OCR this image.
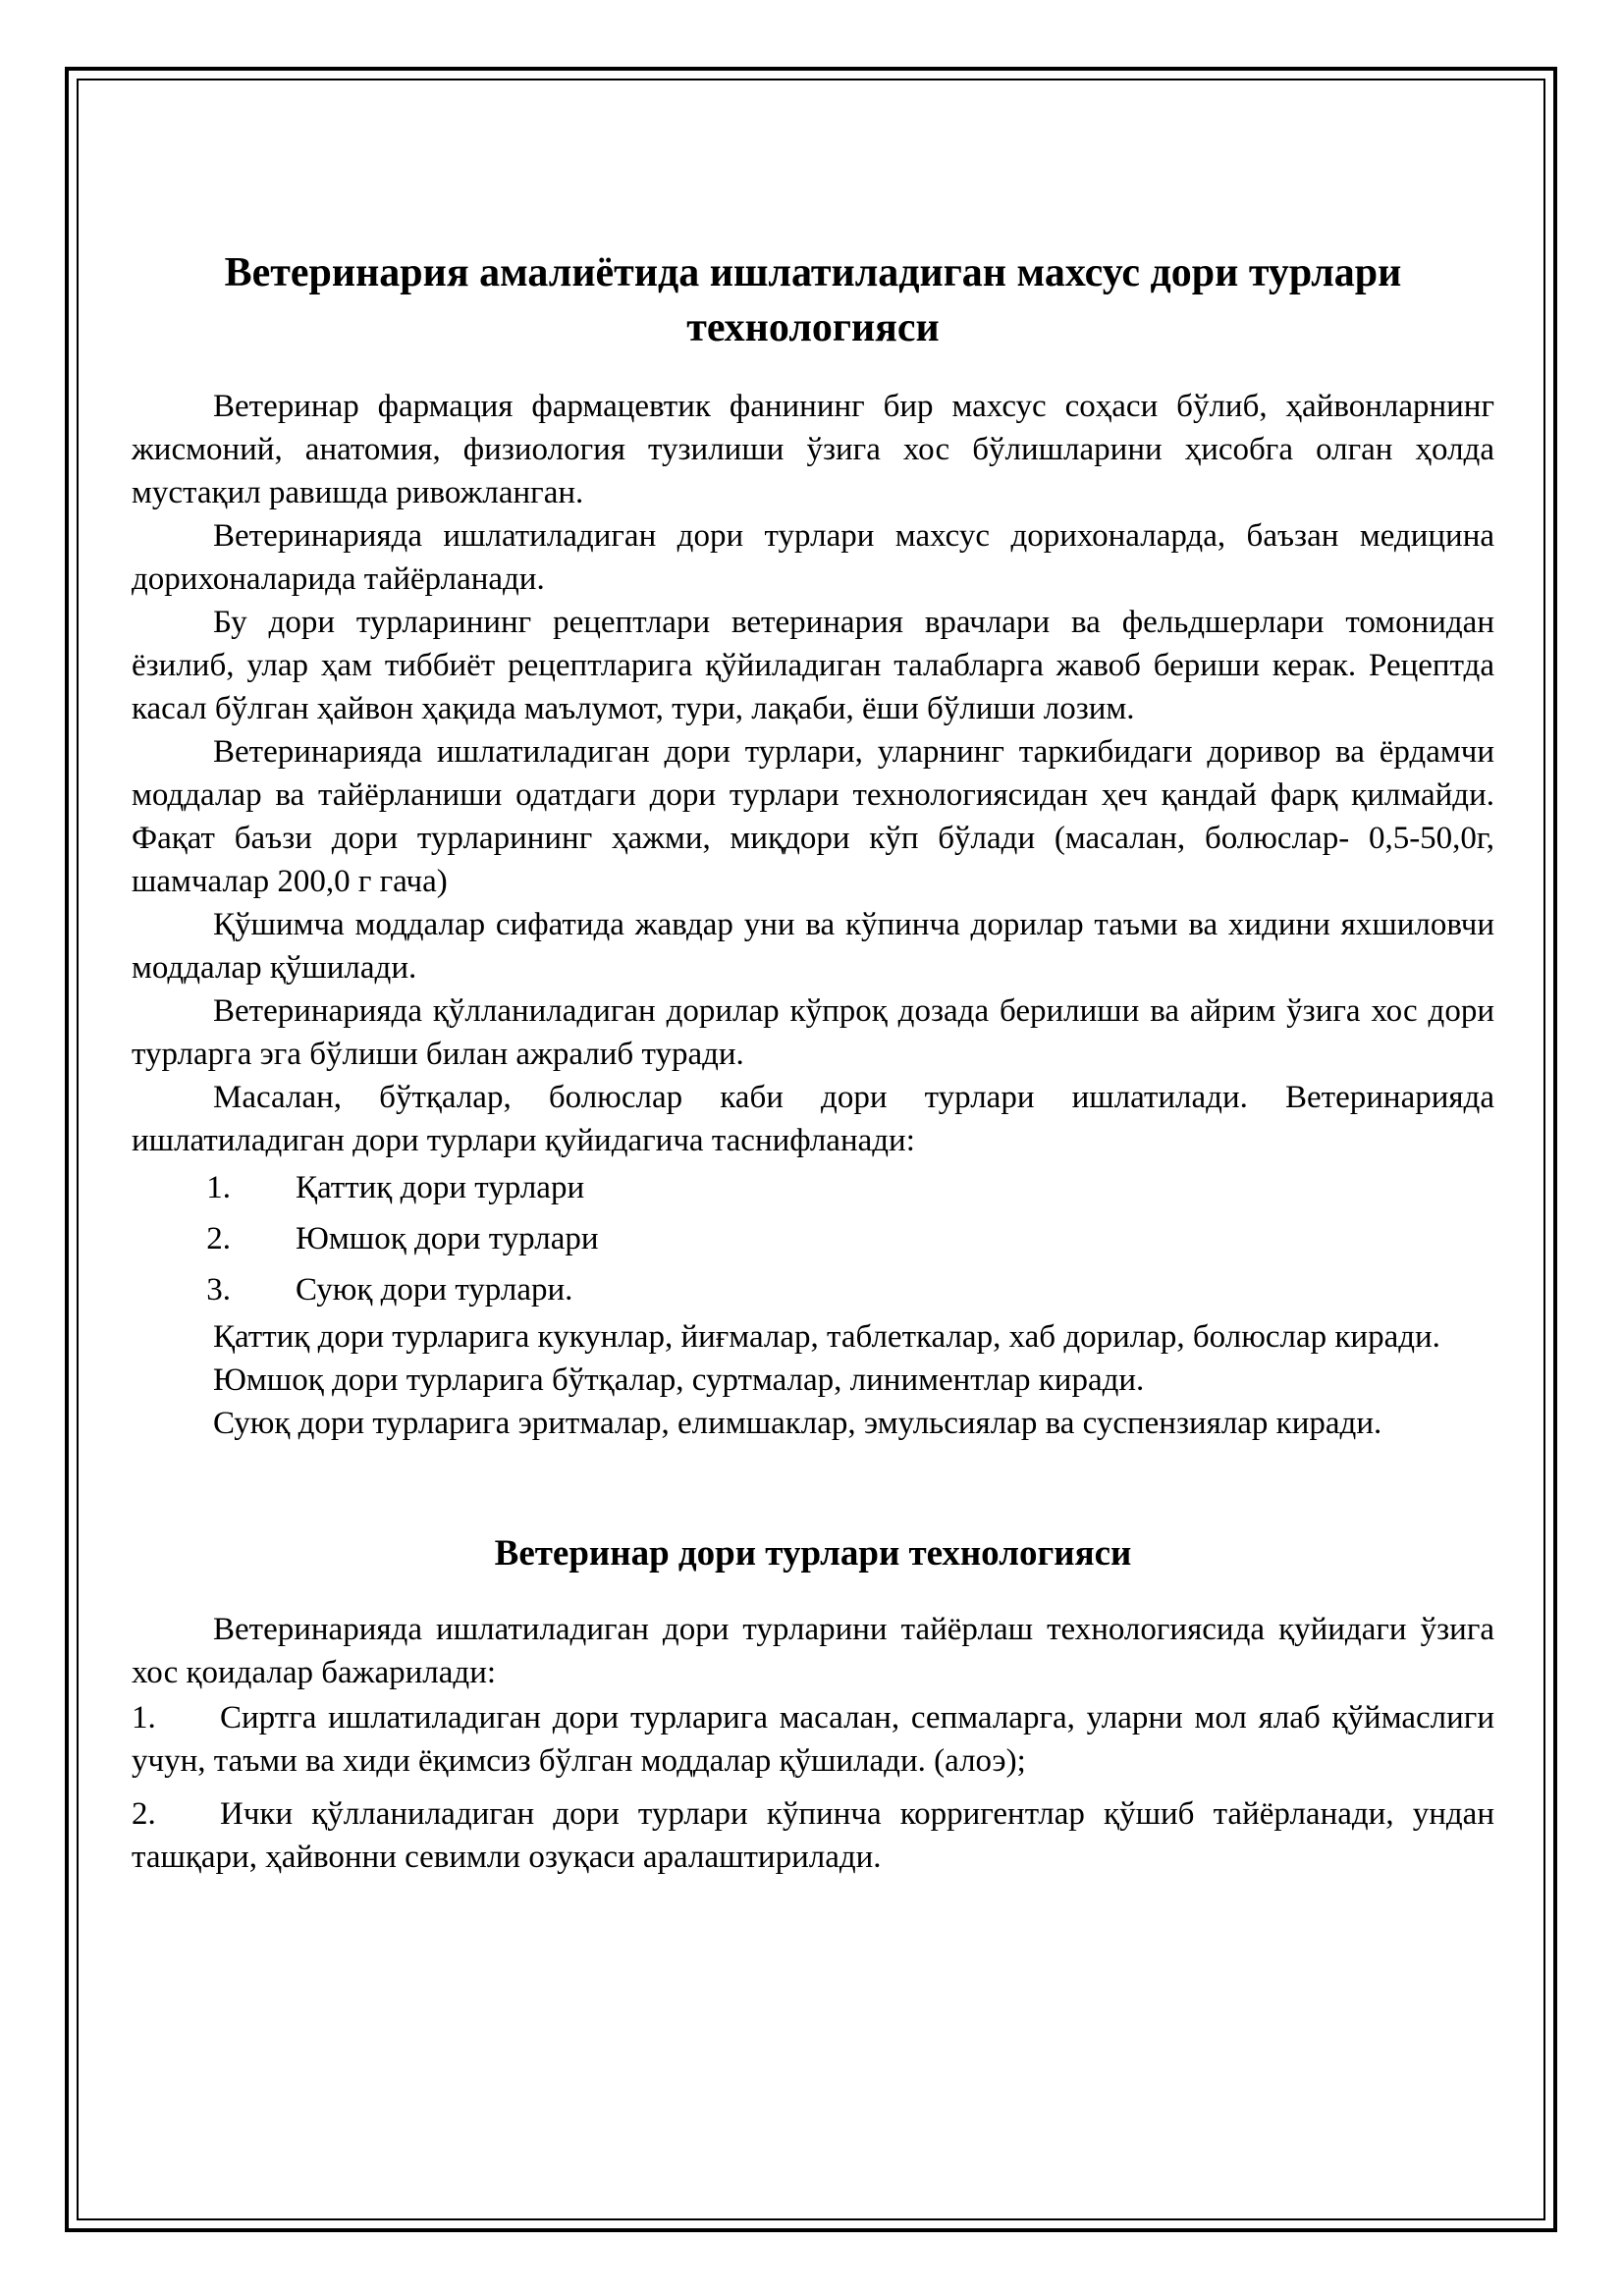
Ветеринария амалиётида ишлатиладиган махсус дори турлари технологияси

Ветеринар фармация фармацевтик фанининг бир махсус соҳаси бўлиб, ҳайвонларнинг жисмоний, анатомия, физиология тузилиши ўзига хос бўлишларини ҳисобга олган ҳолда мустақил равишда ривожланган.

Ветеринарияда ишлатиладиган дори турлари махсус дорихоналарда, баъзан медицина дорихоналарида тайёрланади.

Бу дори турларининг рецептлари ветеринария врачлари ва фельдшерлари томонидан ёзилиб, улар ҳам тиббиёт рецептларига қўйиладиган талабларга жавоб бериши керак. Рецептда касал бўлган ҳайвон ҳақида маълумот, тури, лақаби, ёши бўлиши лозим.

Ветеринарияда ишлатиладиган дори турлари, уларнинг таркибидаги доривор ва ёрдамчи моддалар ва тайёрланиши одатдаги дори турлари технологиясидан ҳеч қандай фарқ қилмайди. Фақат баъзи дори турларининг ҳажми, миқдори кўп бўлади (масалан, болюслар- 0,5-50,0г, шамчалар 200,0 г гача)

Қўшимча моддалар сифатида жавдар уни ва кўпинча дорилар таъми ва хидини яхшиловчи моддалар қўшилади.

Ветеринарияда қўлланиладиган дорилар кўпроқ дозада берилиши ва айрим ўзига хос дори турларга эга бўлиши билан ажралиб туради.

Масалан, бўтқалар, болюслар каби дори турлари ишлатилади. Ветеринарияда ишлатиладиган дори турлари қуйидагича таснифланади:

1.	Қаттиқ дори турлари
2.	Юмшоқ дори турлари
3.	Суюқ дори турлари.

Қаттиқ дори турларига кукунлар, йиғмалар, таблеткалар, хаб дорилар, болюслар киради.

Юмшоқ дори турларига бўтқалар, суртмалар, линиментлар киради.

Суюқ дори турларига эритмалар, елимшаклар, эмульсиялар ва суспензиялар киради.

Ветеринар дори турлари технологияси

Ветеринарияда ишлатиладиган дори турларини тайёрлаш технологиясида қуйидаги ўзига хос қоидалар бажарилади:

1. Сиртга ишлатиладиган дори турларига масалан, сепмаларга, уларни мол ялаб қўймаслиги учун, таъми ва хиди ёқимсиз бўлган моддалар қўшилади. (алоэ);

2. Ички қўлланиладиган дори турлари кўпинча корригентлар қўшиб тайёрланади, ундан ташқари, ҳайвонни севимли озуқаси аралаштирилади.
